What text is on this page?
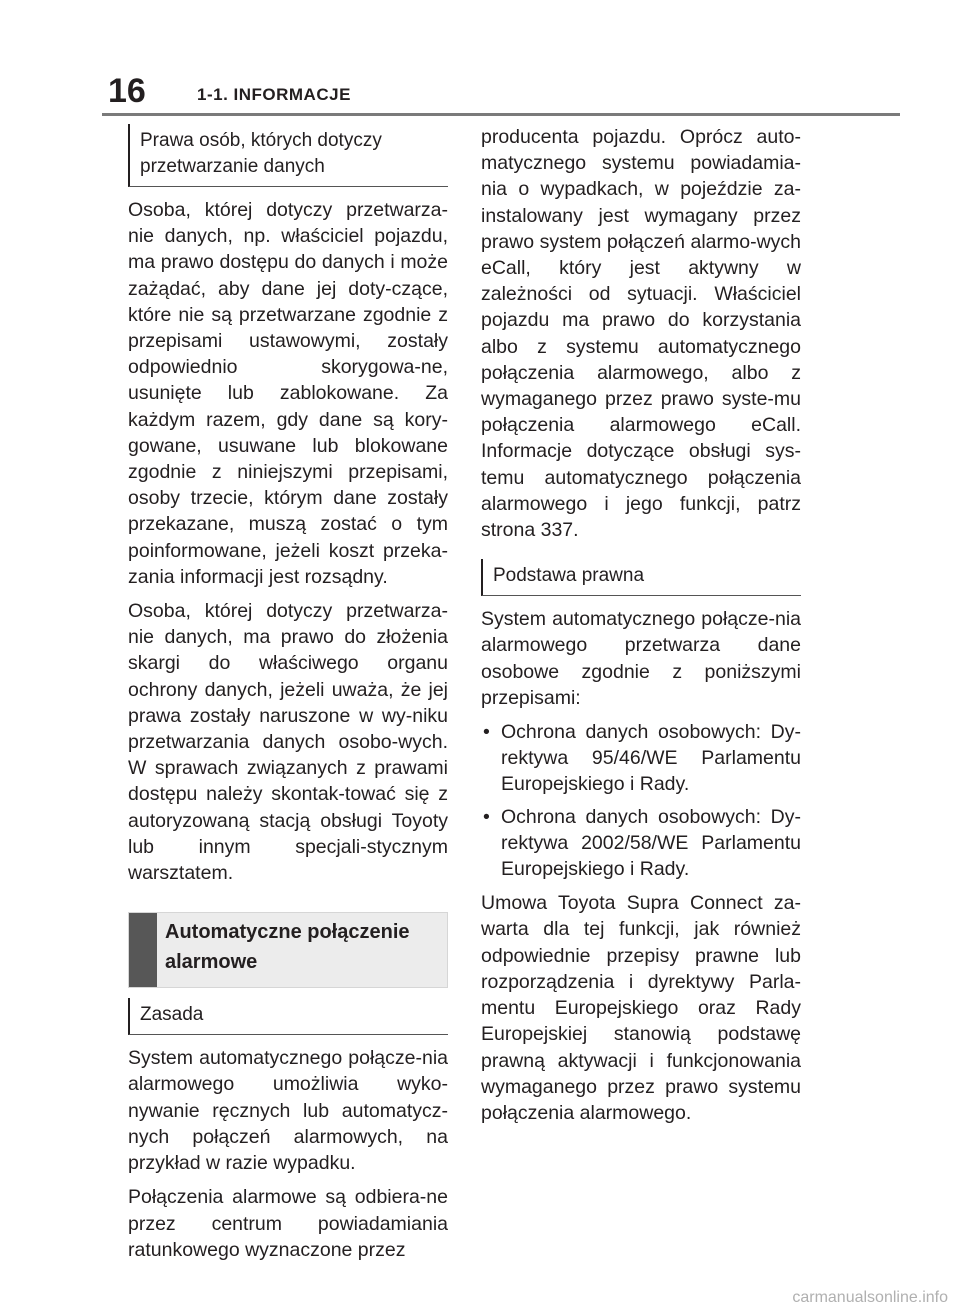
16	1-1. INFORMACJE
Prawa osób, których dotyczy przetwarzanie danych

Osoba, której dotyczy przetwarza-nie danych, np. właściciel pojazdu, ma prawo dostępu do danych i może zażądać, aby dane jej doty-czące, które nie są przetwarzane zgodnie z przepisami ustawowymi, zostały odpowiednio skorygowa-ne, usunięte lub zablokowane. Za każdym razem, gdy dane są kory-gowane, usuwane lub blokowane zgodnie z niniejszymi przepisami, osoby trzecie, którym dane zostały przekazane, muszą zostać o tym poinformowane, jeżeli koszt przeka-zania informacji jest rozsądny.

Osoba, której dotyczy przetwarza-nie danych, ma prawo do złożenia skargi do właściwego organu ochrony danych, jeżeli uważa, że jej prawa zostały naruszone w wy-niku przetwarzania danych osobo-wych. W sprawach związanych z prawami dostępu należy skontak-tować się z autoryzowaną stacją obsługi Toyoty lub innym specjali-stycznym warsztatem.

Automatyczne połączenie alarmowe
Zasada

System automatycznego połącze-nia alarmowego umożliwia wyko-nywanie ręcznych lub automatycz-nych połączeń alarmowych, na przykład w razie wypadku.

Połączenia alarmowe są odbiera-ne przez centrum powiadamiania ratunkowego wyznaczone przez

producenta pojazdu. Oprócz auto-matycznego systemu powiadamia-nia o wypadkach, w pojeździe za-instalowany jest wymagany przez prawo system połączeń alarmo-wych eCall, który jest aktywny w zależności od sytuacji. Właściciel pojazdu ma prawo do korzystania albo z systemu automatycznego połączenia alarmowego, albo z wymaganego przez prawo syste-mu połączenia alarmowego eCall. Informacje dotyczące obsługi sys-temu automatycznego połączenia alarmowego i jego funkcji, patrz strona 337.

Podstawa prawna

System automatycznego połącze-nia alarmowego przetwarza dane osobowe zgodnie z poniższymi przepisami:

• Ochrona danych osobowych: Dy-rektywa 95/46/WE Parlamentu Europejskiego i Rady.
• Ochrona danych osobowych: Dy-rektywa 2002/58/WE Parlamentu Europejskiego i Rady.

Umowa Toyota Supra Connect za-warta dla tej funkcji, jak również odpowiednie przepisy prawne lub rozporządzenia i dyrektywy Parla-mentu Europejskiego oraz Rady Europejskiej stanowią podstawę prawną aktywacji i funkcjonowania wymaganego przez prawo systemu połączenia alarmowego.

carmanualsonline.info
